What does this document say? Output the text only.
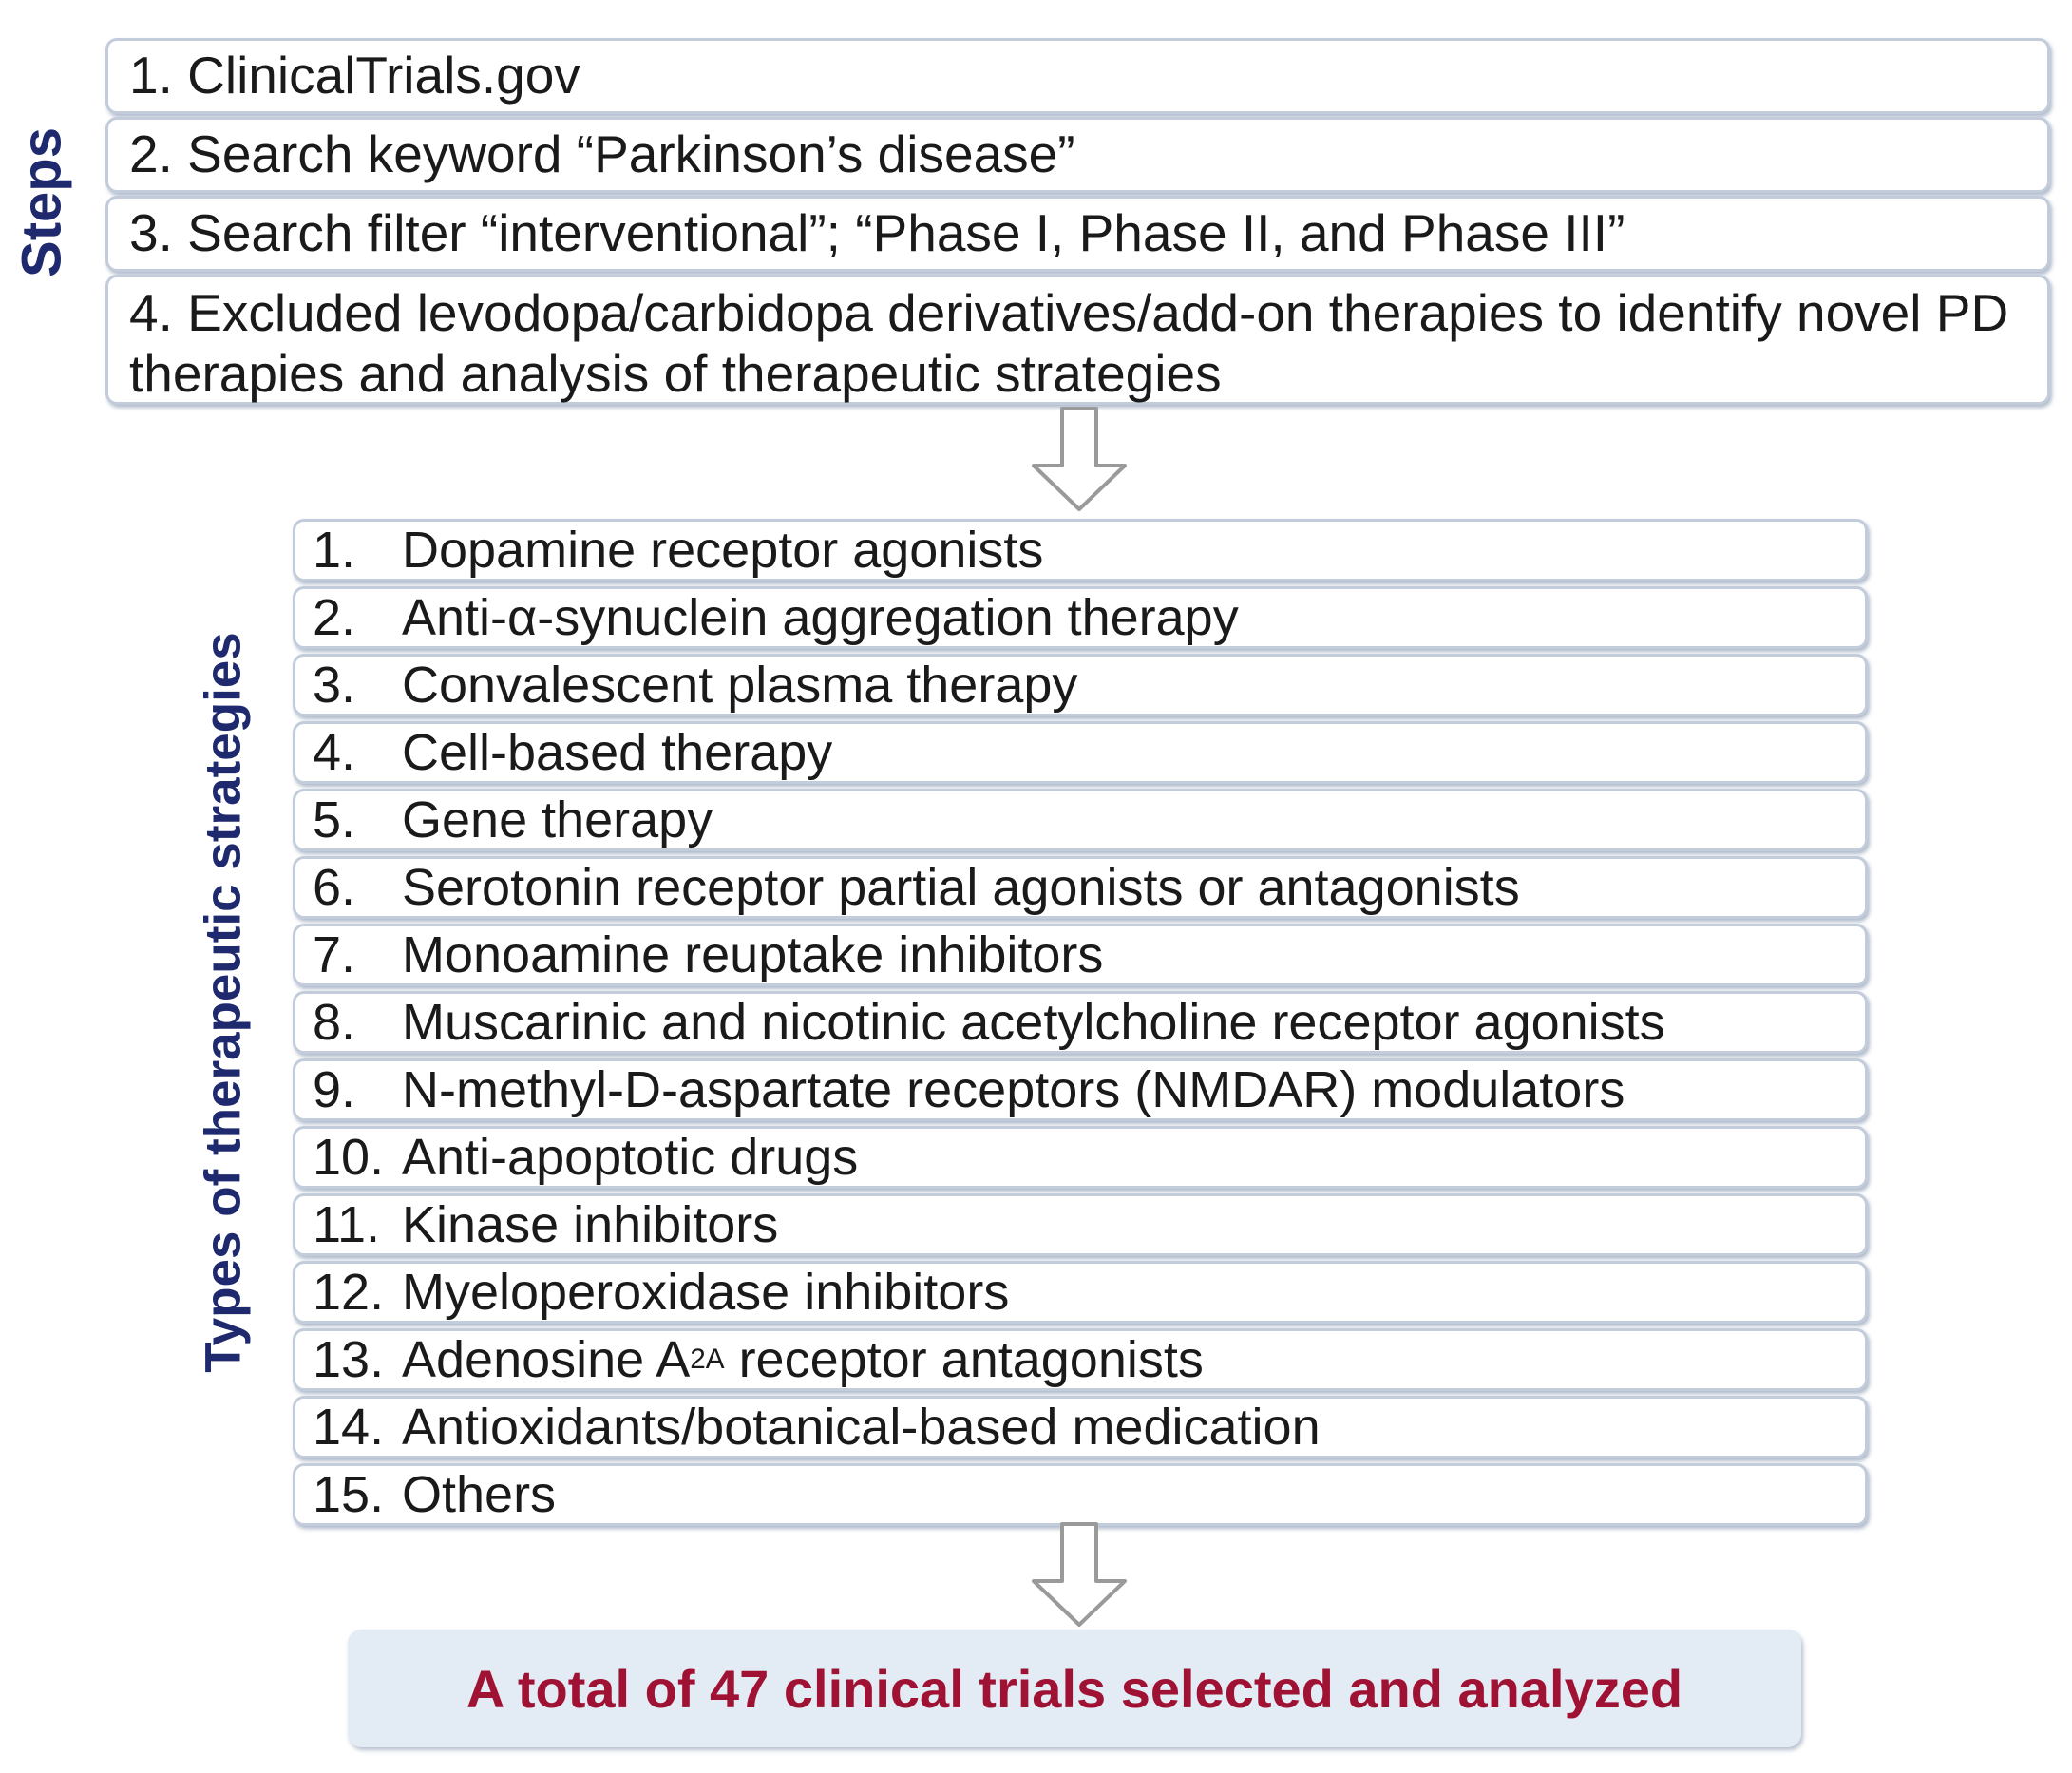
Steps
Types of therapeutic strategies
1. ClinicalTrials.gov
2. Search keyword “Parkinson’s disease”
3. Search filter “interventional”; “Phase I, Phase II, and Phase III”
4. Excluded levodopa/carbidopa derivatives/add-on therapies to identify novel PD therapies and analysis of therapeutic strategies
1. Dopamine receptor agonists
2. Anti-α-synuclein aggregation therapy
3. Convalescent plasma therapy
4. Cell-based therapy
5. Gene therapy
6. Serotonin receptor partial agonists or antagonists
7. Monoamine reuptake inhibitors
8. Muscarinic and nicotinic acetylcholine receptor agonists
9. N-methyl-D-aspartate receptors (NMDAR) modulators
10. Anti-apoptotic drugs
11. Kinase inhibitors
12. Myeloperoxidase inhibitors
13. Adenosine A 2A receptor antagonists
14. Antioxidants/botanical-based medication
15. Others
A total of 47 clinical trials selected and analyzed
